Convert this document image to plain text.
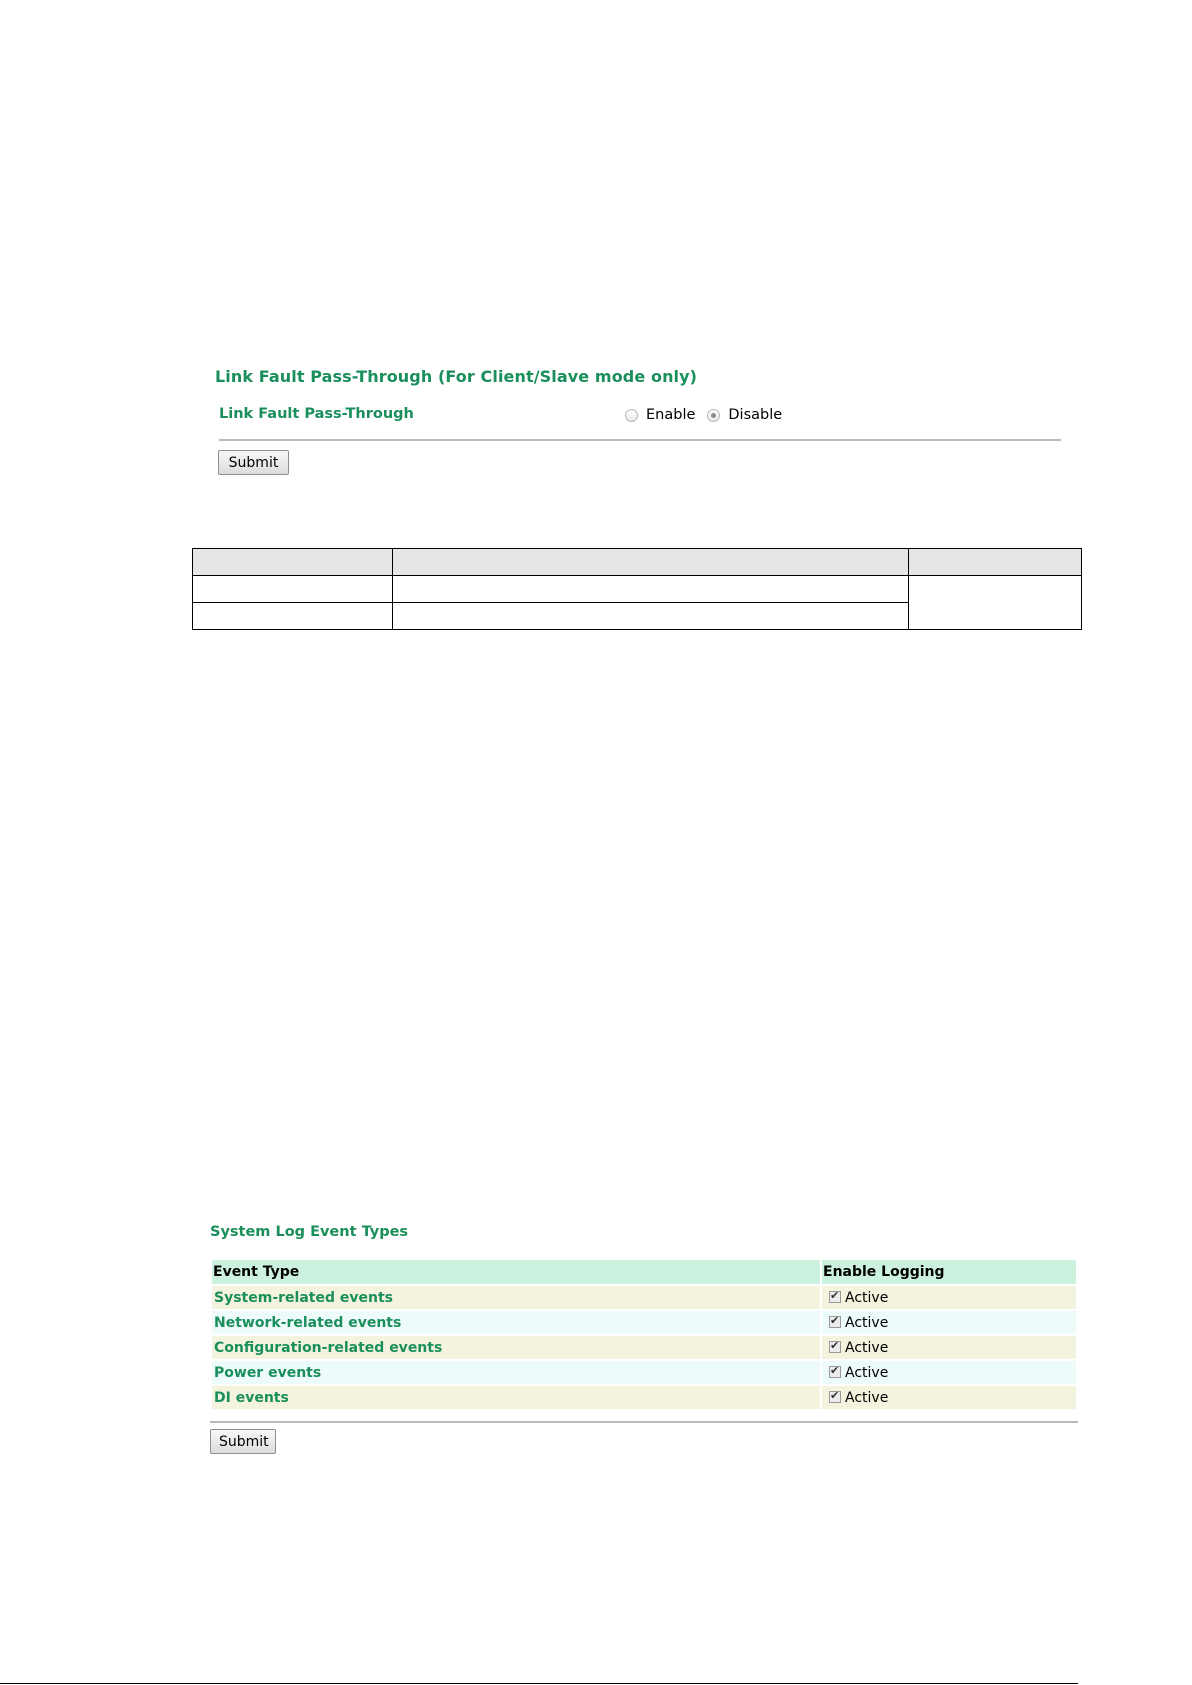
Link Fault Pass-Through (For Client/Slave mode only)
Link Fault Pass-Through	Enable Disable
Submit

System Log Event Types
Event Type	Enable Logging
System-related events	✔Active
Network-related events	✔Active
Configuration-related events	✔Active
Power events	✔Active
DI events	✔Active
Submit
